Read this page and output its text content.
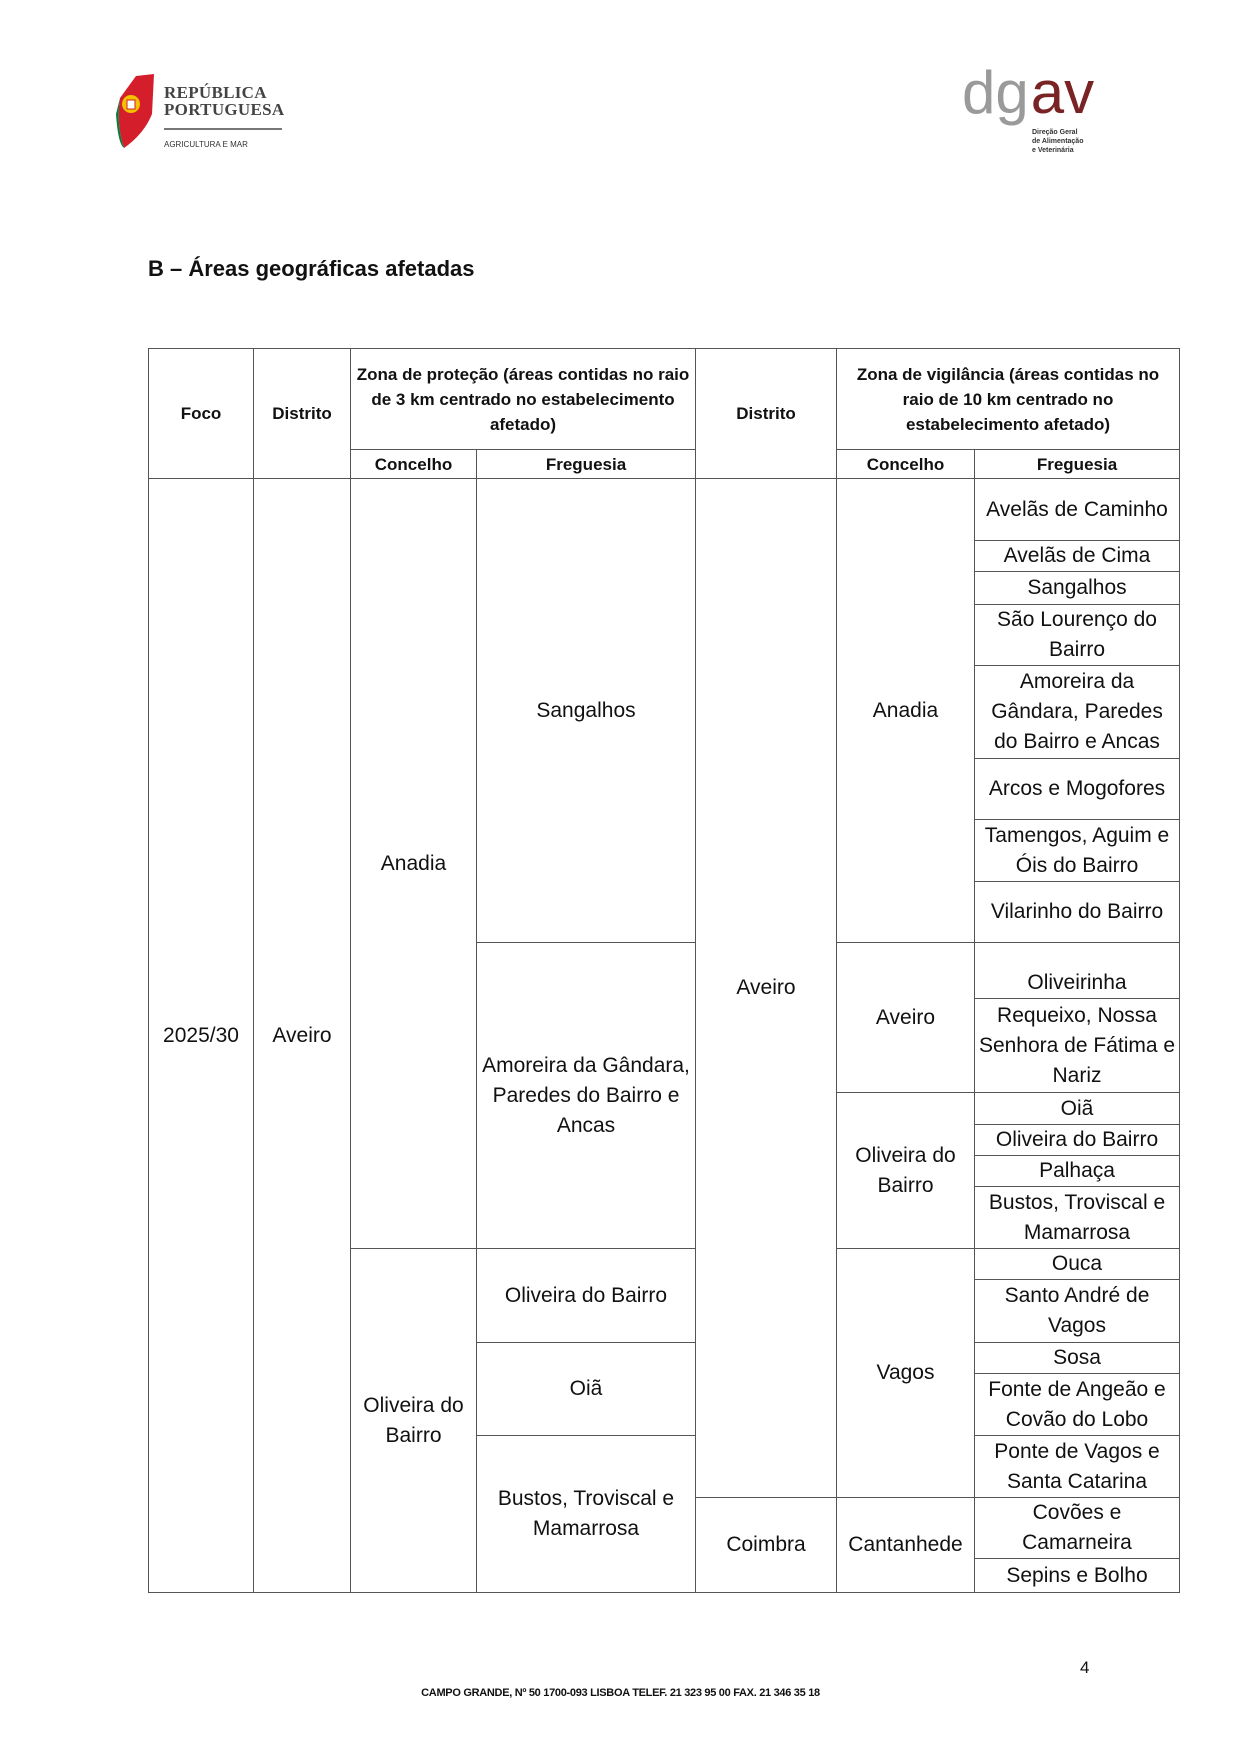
REPÚBLICA
PORTUGUESA
AGRICULTURA E MAR
dg av
Direção Geral
de Alimentação
e Veterinária
B – Áreas geográficas afetadas
Foco	Distrito	Zona de proteção (áreas contidas no raio de 3 km centrado no estabelecimento afetado)		Distrito	Zona de vigilância (áreas contidas no raio de 10 km centrado no estabelecimento afetado)	
		Concelho	Freguesia		Concelho	Freguesia
2025/30	Aveiro	Anadia	Sangalhos	Aveiro	Anadia	Avelãs de Caminho
						Avelãs de Cima
						Sangalhos
						São Lourenço do Bairro
						Amoreira da Gândara, Paredes do Bairro e Ancas
						Arcos e Mogofores
						Tamengos, Aguim e Óis do Bairro
						Vilarinho do Bairro
			Amoreira da Gândara, Paredes do Bairro e Ancas		Aveiro	Oliveirinha
						Requeixo, Nossa Senhora de Fátima e Nariz
					Oliveira do Bairro	Oiã
						Oliveira do Bairro
						Palhaça
						Bustos, Troviscal e Mamarrosa
		Oliveira do Bairro	Oliveira do Bairro		Vagos	Ouca
						Santo André de Vagos
			Oiã			Sosa
						Fonte de Angeão e Covão do Lobo
			Bustos, Troviscal e Mamarrosa			Ponte de Vagos e Santa Catarina
				Coimbra	Cantanhede	Covões e Camarneira
						Sepins e Bolho
4
CAMPO GRANDE, Nº 50 1700-093 LISBOA TELEF. 21 323 95 00 FAX. 21 346 35 18
